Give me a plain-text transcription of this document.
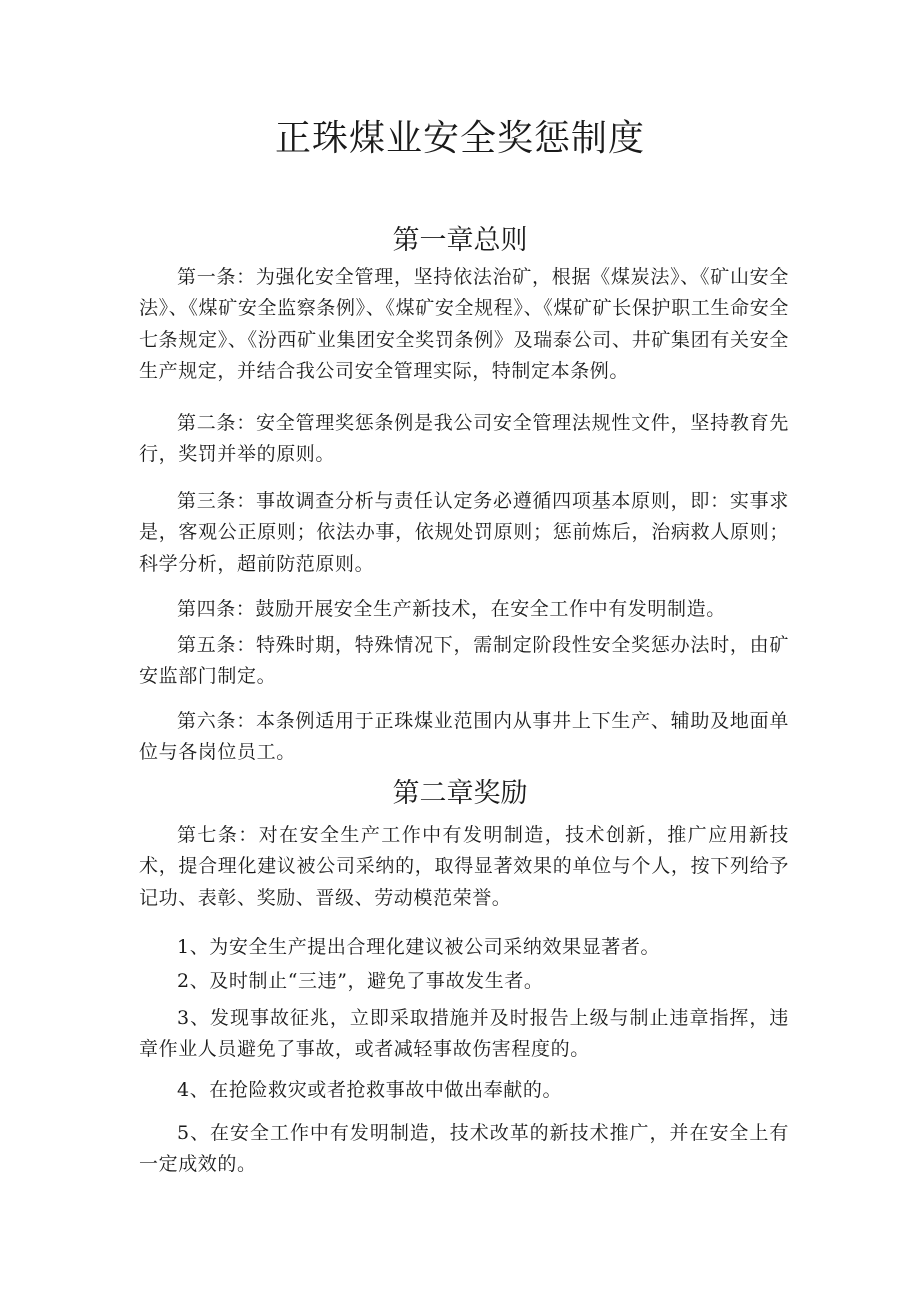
正珠煤业安全奖惩制度
第一章总则

第一条：为强化安全管理，坚持依法治矿，根据《煤炭法》、《矿山安全法》、《煤矿安全监察条例》、《煤矿安全规程》、《煤矿矿长保护职工生命安全七条规定》、《汾西矿业集团安全奖罚条例》及瑞泰公司、井矿集团有关安全生产规定，并结合我公司安全管理实际，特制定本条例。

第二条：安全管理奖惩条例是我公司安全管理法规性文件，坚持教育先行，奖罚并举的原则。

第三条：事故调查分析与责任认定务必遵循四项基本原则，即：实事求是，客观公正原则；依法办事，依规处罚原则；惩前炼后，治病救人原则；科学分析，超前防范原则。

第四条：鼓励开展安全生产新技术，在安全工作中有发明制造。

第五条：特殊时期，特殊情况下，需制定阶段性安全奖惩办法时，由矿安监部门制定。

第六条：本条例适用于正珠煤业范围内从事井上下生产、辅助及地面单位与各岗位员工。

第二章奖励

第七条：对在安全生产工作中有发明制造，技术创新，推广应用新技术，提合理化建议被公司采纳的，取得显著效果的单位与个人，按下列给予记功、表彰、奖励、晋级、劳动模范荣誉。

1、为安全生产提出合理化建议被公司采纳效果显著者。

2、及时制止“三违”，避免了事故发生者。

3、发现事故征兆，立即采取措施并及时报告上级与制止违章指挥，违章作业人员避免了事故，或者减轻事故伤害程度的。

4、在抢险救灾或者抢救事故中做出奉献的。

5、在安全工作中有发明制造，技术改革的新技术推广，并在安全上有一定成效的。
